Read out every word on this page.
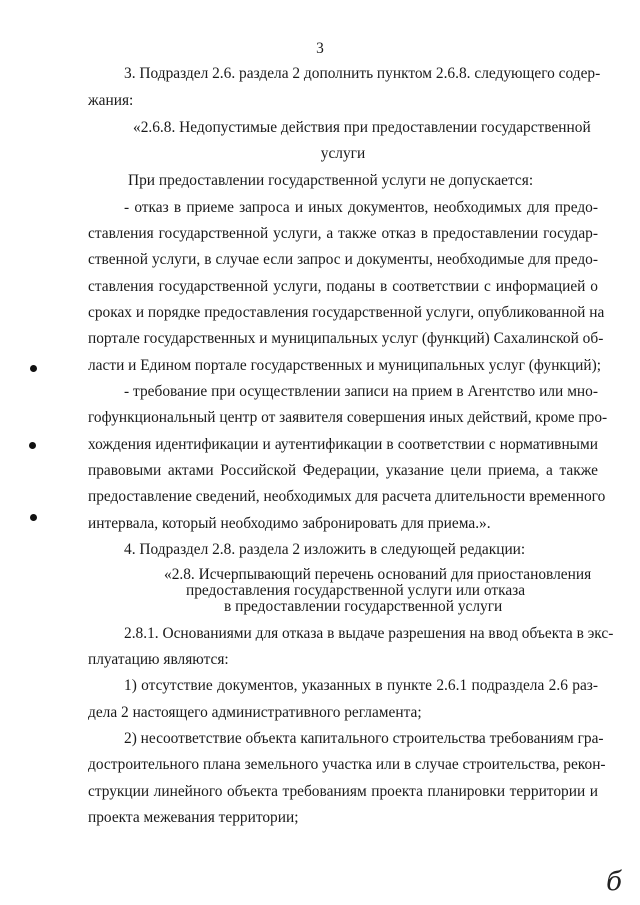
3
3. Подраздел 2.6. раздела 2 дополнить пунктом 2.6.8. следующего содер-
жания:
«2.6.8. Недопустимые действия при предоставлении государственной
услуги
При предоставлении государственной услуги не допускается:
- отказ в приеме запроса и иных документов, необходимых для предо-
ставления государственной услуги, а также отказ в предоставлении государ-
ственной услуги, в случае если запрос и документы, необходимые для предо-
ставления государственной услуги, поданы в соответствии с информацией о
сроках и порядке предоставления государственной услуги, опубликованной на
портале государственных и муниципальных услуг (функций) Сахалинской об-
ласти и Едином портале государственных и муниципальных услуг (функций);
- требование при осуществлении записи на прием в Агентство или мно-
гофункциональный центр от заявителя совершения иных действий, кроме про-
хождения идентификации и аутентификации в соответствии с нормативными
правовыми актами Российской Федерации, указание цели приема, а также
предоставление сведений, необходимых для расчета длительности временного
интервала, который необходимо забронировать для приема.».
4. Подраздел 2.8. раздела 2 изложить в следующей редакции:
«2.8. Исчерпывающий перечень оснований для приостановления
предоставления государственной услуги или отказа
в предоставлении государственной услуги
2.8.1. Основаниями для отказа в выдаче разрешения на ввод объекта в экс-
плуатацию являются:
1) отсутствие документов, указанных в пункте 2.6.1 подраздела 2.6 раз-
дела 2 настоящего административного регламента;
2) несоответствие объекта капитального строительства требованиям гра-
достроительного плана земельного участка или в случае строительства, рекон-
струкции линейного объекта требованиям проекта планировки территории и
проекта межевания территории;
б
